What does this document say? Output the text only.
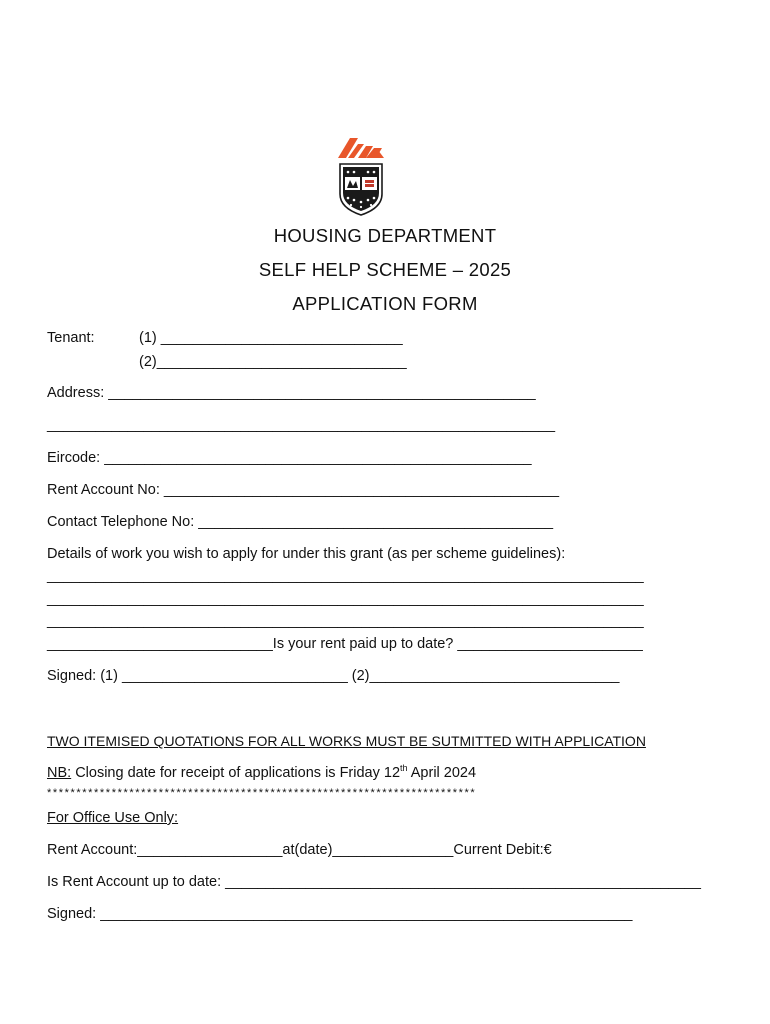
HOUSING DEPARTMENT
SELF HELP SCHEME – 2025
APPLICATION FORM
Tenant:	(1) ______________________________
(2)_______________________________
Address: _____________________________________________________
_______________________________________________________________
Eircode: _____________________________________________________
Rent Account No: _________________________________________________
Contact Telephone No: ____________________________________________
Details of work you wish to apply for under this grant (as per scheme guidelines):
__________________________________________________________________________
__________________________________________________________________________
__________________________________________________________________________
____________________________Is your rent paid up to date? _______________________
Signed: (1) ____________________________ (2)_______________________________
TWO ITEMISED QUOTATIONS FOR ALL WORKS MUST BE SUTMITTED WITH APPLICATION
NB: Closing date for receipt of applications is Friday 12th April 2024
*************************************************************************
For Office Use Only:
Rent Account:__________________at(date)_______________Current Debit:€
Is Rent Account up to date: ___________________________________________________________
Signed: __________________________________________________________________
